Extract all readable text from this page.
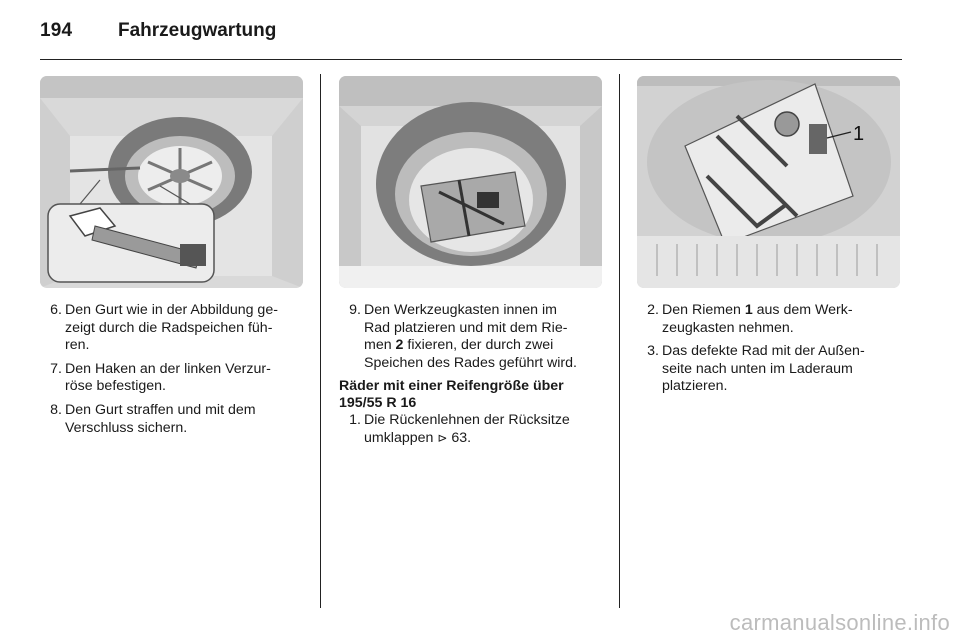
194 Fahrzeugwartung
1
6. Den Gurt wie in der Abbildung ge-
zeigt durch die Radspeichen füh-
ren.
7. Den Haken an der linken Verzur-
röse befestigen.
8. Den Gurt straffen und mit dem
Verschluss sichern.
9. Den Werkzeugkasten innen im
Rad platzieren und mit dem Rie-
men 2 fixieren, der durch zwei
Speichen des Rades geführt wird.
Räder mit einer Reifengröße über
195/55 R 16
1. Die Rückenlehnen der Rücksitze
umklappen ⊳ 63.
2. Den Riemen 1 aus dem Werk-
zeugkasten nehmen.
3. Das defekte Rad mit der Außen-
seite nach unten im Laderaum
platzieren.
carmanualsonline.info
